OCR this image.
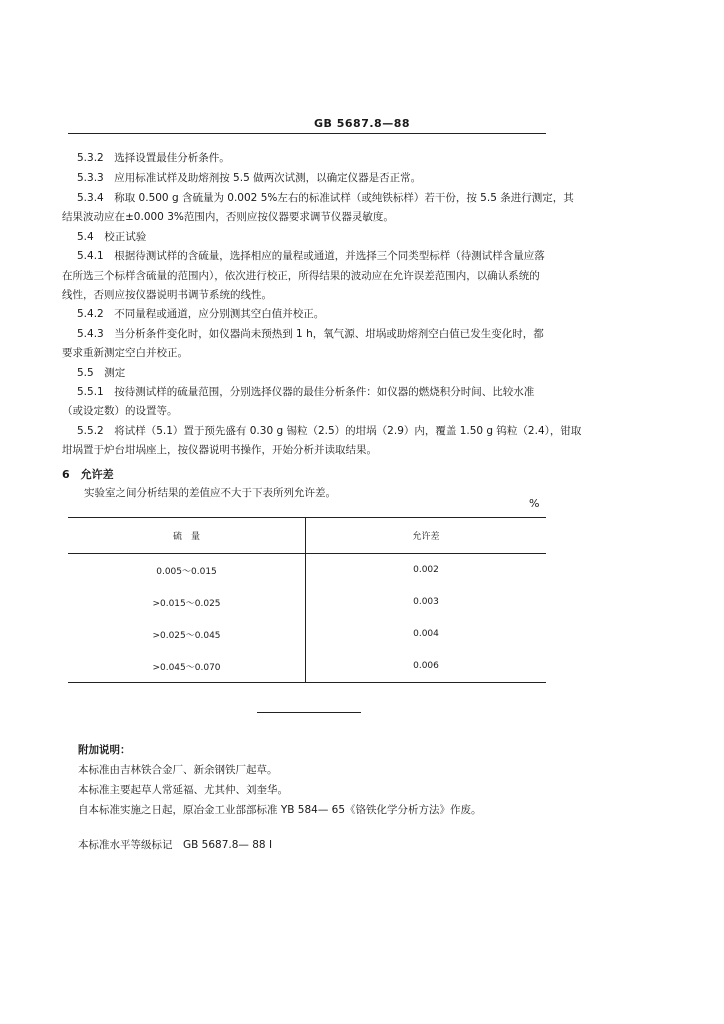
GB 5687.8—88
5.3.2　选择设置最佳分析条件。
5.3.3　应用标准试样及助熔剂按 5.5 做两次试测，以确定仪器是否正常。
5.3.4　称取 0.500 g 含硫量为 0.002 5%左右的标准试样（或纯铁标样）若干份，按 5.5 条进行测定，其
结果波动应在±0.000 3%范围内，否则应按仪器要求调节仪器灵敏度。
5.4　校正试验
5.4.1　根据待测试样的含硫量，选择相应的量程或通道，并选择三个同类型标样（待测试样含量应落
在所选三个标样含硫量的范围内），依次进行校正，所得结果的波动应在允许误差范围内，以确认系统的
线性，否则应按仪器说明书调节系统的线性。
5.4.2　不同量程或通道，应分别测其空白值并校正。
5.4.3　当分析条件变化时，如仪器尚未预热到 1 h，氧气源、坩埚或助熔剂空白值已发生变化时，都
要求重新测定空白并校正。
5.5　测定
5.5.1　按待测试样的硫量范围，分别选择仪器的最佳分析条件：如仪器的燃烧积分时间、比较水准
（或设定数）的设置等。
5.5.2　将试样（5.1）置于预先盛有 0.30 g 锡粒（2.5）的坩埚（2.9）内，覆盖 1.50 g 钨粒（2.4），钳取
坩埚置于炉台坩埚座上，按仪器说明书操作，开始分析并读取结果。
6　允许差
实验室之间分析结果的差值应不大于下表所列允许差。
%
硫　量	允许差
0.005～0.015	0.002
>0.015～0.025	0.003
>0.025～0.045	0.004
>0.045～0.070	0.006
附加说明：
本标准由吉林铁合金厂、新余钢铁厂起草。
本标准主要起草人常延福、尤其仲、刘奎华。
自本标准实施之日起，原冶金工业部部标准 YB 584— 65《铬铁化学分析方法》作废。
本标准水平等级标记　GB 5687.8— 88 I
